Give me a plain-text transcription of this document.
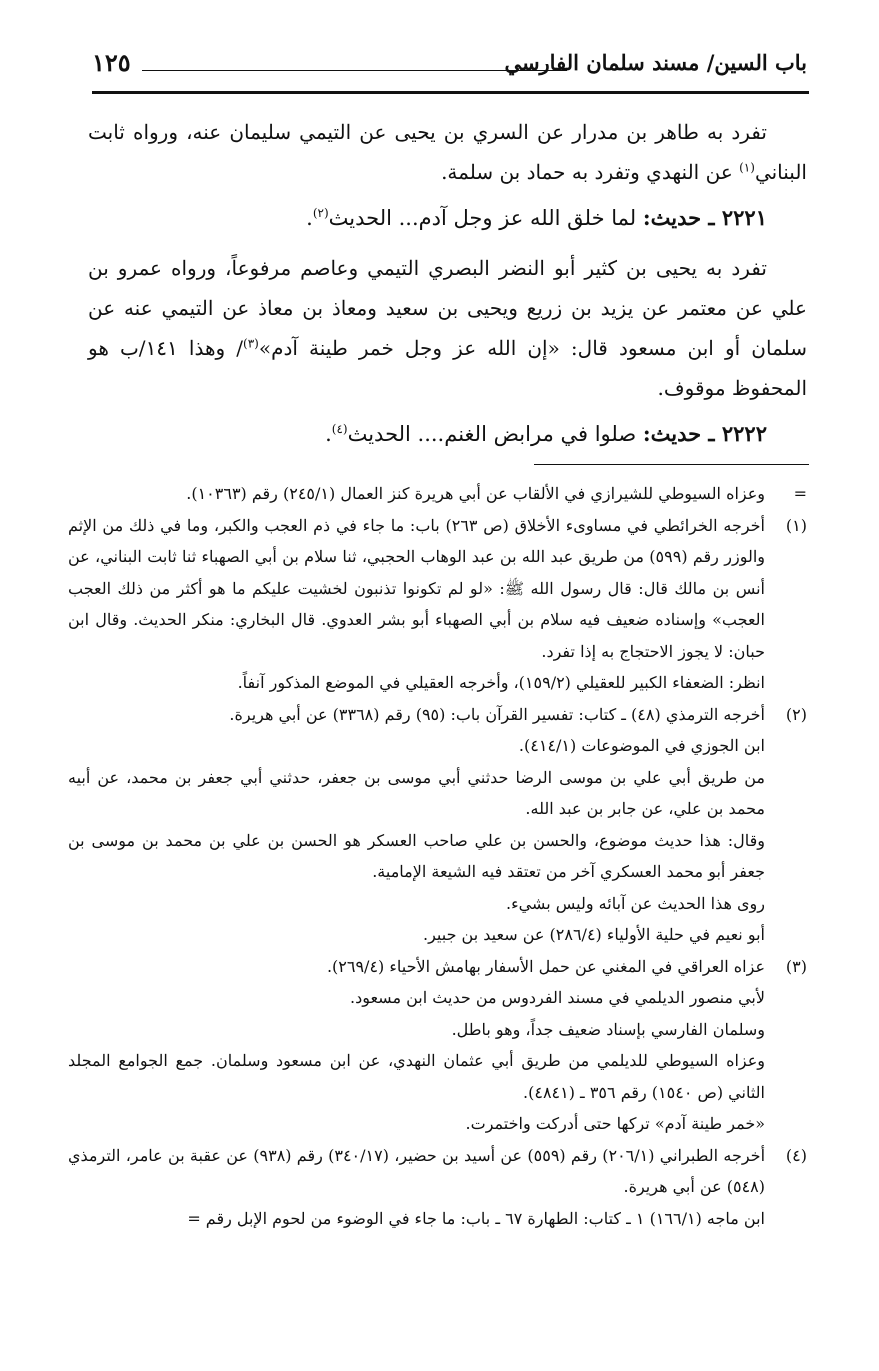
باب السين/ مسند سلمان الفارسي
١٢٥

تفرد به طاهر بن مدرار عن السري بن يحيى عن التيمي سليمان عنه، ورواه ثابت البناني$^{(١)}$ عن النهدي وتفرد به حماد بن سلمة.

٢٢٢١ ـ حديث: لما خلق الله عز وجل آدم... الحديث$^{(٢)}$.

تفرد به يحيى بن كثير أبو النضر البصري التيمي وعاصم مرفوعاً، ورواه عمرو بن علي عن معتمر عن يزيد بن زريع ويحيى بن سعيد ومعاذ بن معاذ عن التيمي عنه عن سلمان أو ابن مسعود قال: «إن الله عز وجل خمر طينة آدم»$^{(٣)}$/ وهذا ١٤١/ب هو المحفوظ موقوف.

٢٢٢٢ ـ حديث: صلوا في مرابض الغنم.... الحديث$^{(٤)}$.

=
وعزاه السيوطي للشيرازي في الألقاب عن أبي هريرة كنز العمال (٢٤٥/١) رقم (١٠٣٦٣).

(١)
أخرجه الخرائطي في مساوىء الأخلاق (ص ٢٦٣) باب: ما جاء في ذم العجب والكبر، وما في ذلك من الإثم والوزر رقم (٥٩٩) من طريق عبد الله بن عبد الوهاب الحجبي، ثنا سلام بن أبي الصهباء ثنا ثابت البناني، عن أنس بن مالك قال: قال رسول الله ﷺ: «لو لم تكونوا تذنبون لخشيت عليكم ما هو أكثر من ذلك العجب العجب» وإسناده ضعيف فيه سلام بن أبي الصهباء أبو بشر العدوي. قال البخاري: منكر الحديث. وقال ابن حبان: لا يجوز الاحتجاج به إذا تفرد.

انظر: الضعفاء الكبير للعقيلي (١٥٩/٢)، وأخرجه العقيلي في الموضع المذكور آنفاً.

(٢)
أخرجه الترمذي (٤٨) ـ كتاب: تفسير القرآن باب: (٩٥) رقم (٣٣٦٨) عن أبي هريرة.

ابن الجوزي في الموضوعات (٤١٤/١).

من طريق أبي علي بن موسى الرضا حدثني أبي موسى بن جعفر، حدثني أبي جعفر بن محمد، عن أبيه محمد بن علي، عن جابر بن عبد الله.

وقال: هذا حديث موضوع، والحسن بن علي صاحب العسكر هو الحسن بن علي بن محمد بن موسى بن جعفر أبو محمد العسكري آخر من تعتقد فيه الشيعة الإمامية.

روى هذا الحديث عن آبائه وليس بشيء.

أبو نعيم في حلية الأولياء (٢٨٦/٤) عن سعيد بن جبير.

(٣)
عزاه العراقي في المغني عن حمل الأسفار بهامش الأحياء (٢٦٩/٤).

لأبي منصور الديلمي في مسند الفردوس من حديث ابن مسعود.

وسلمان الفارسي بإسناد ضعيف جداً، وهو باطل.

وعزاه السيوطي للديلمي من طريق أبي عثمان النهدي، عن ابن مسعود وسلمان. جمع الجوامع المجلد الثاني (ص ١٥٤٠) رقم ٣٥٦ ـ (٤٨٤١).

«خمر طينة آدم» تركها حتى أدركت واختمرت.

(٤)
أخرجه الطبراني (٢٠٦/١) رقم (٥٥٩) عن أسيد بن حضير، (٣٤٠/١٧) رقم (٩٣٨) عن عقبة بن عامر، الترمذي (٥٤٨) عن أبي هريرة.

ابن ماجه (١٦٦/١) ١ ـ كتاب: الطهارة ٦٧ ـ باب: ما جاء في الوضوء من لحوم الإبل رقم =
